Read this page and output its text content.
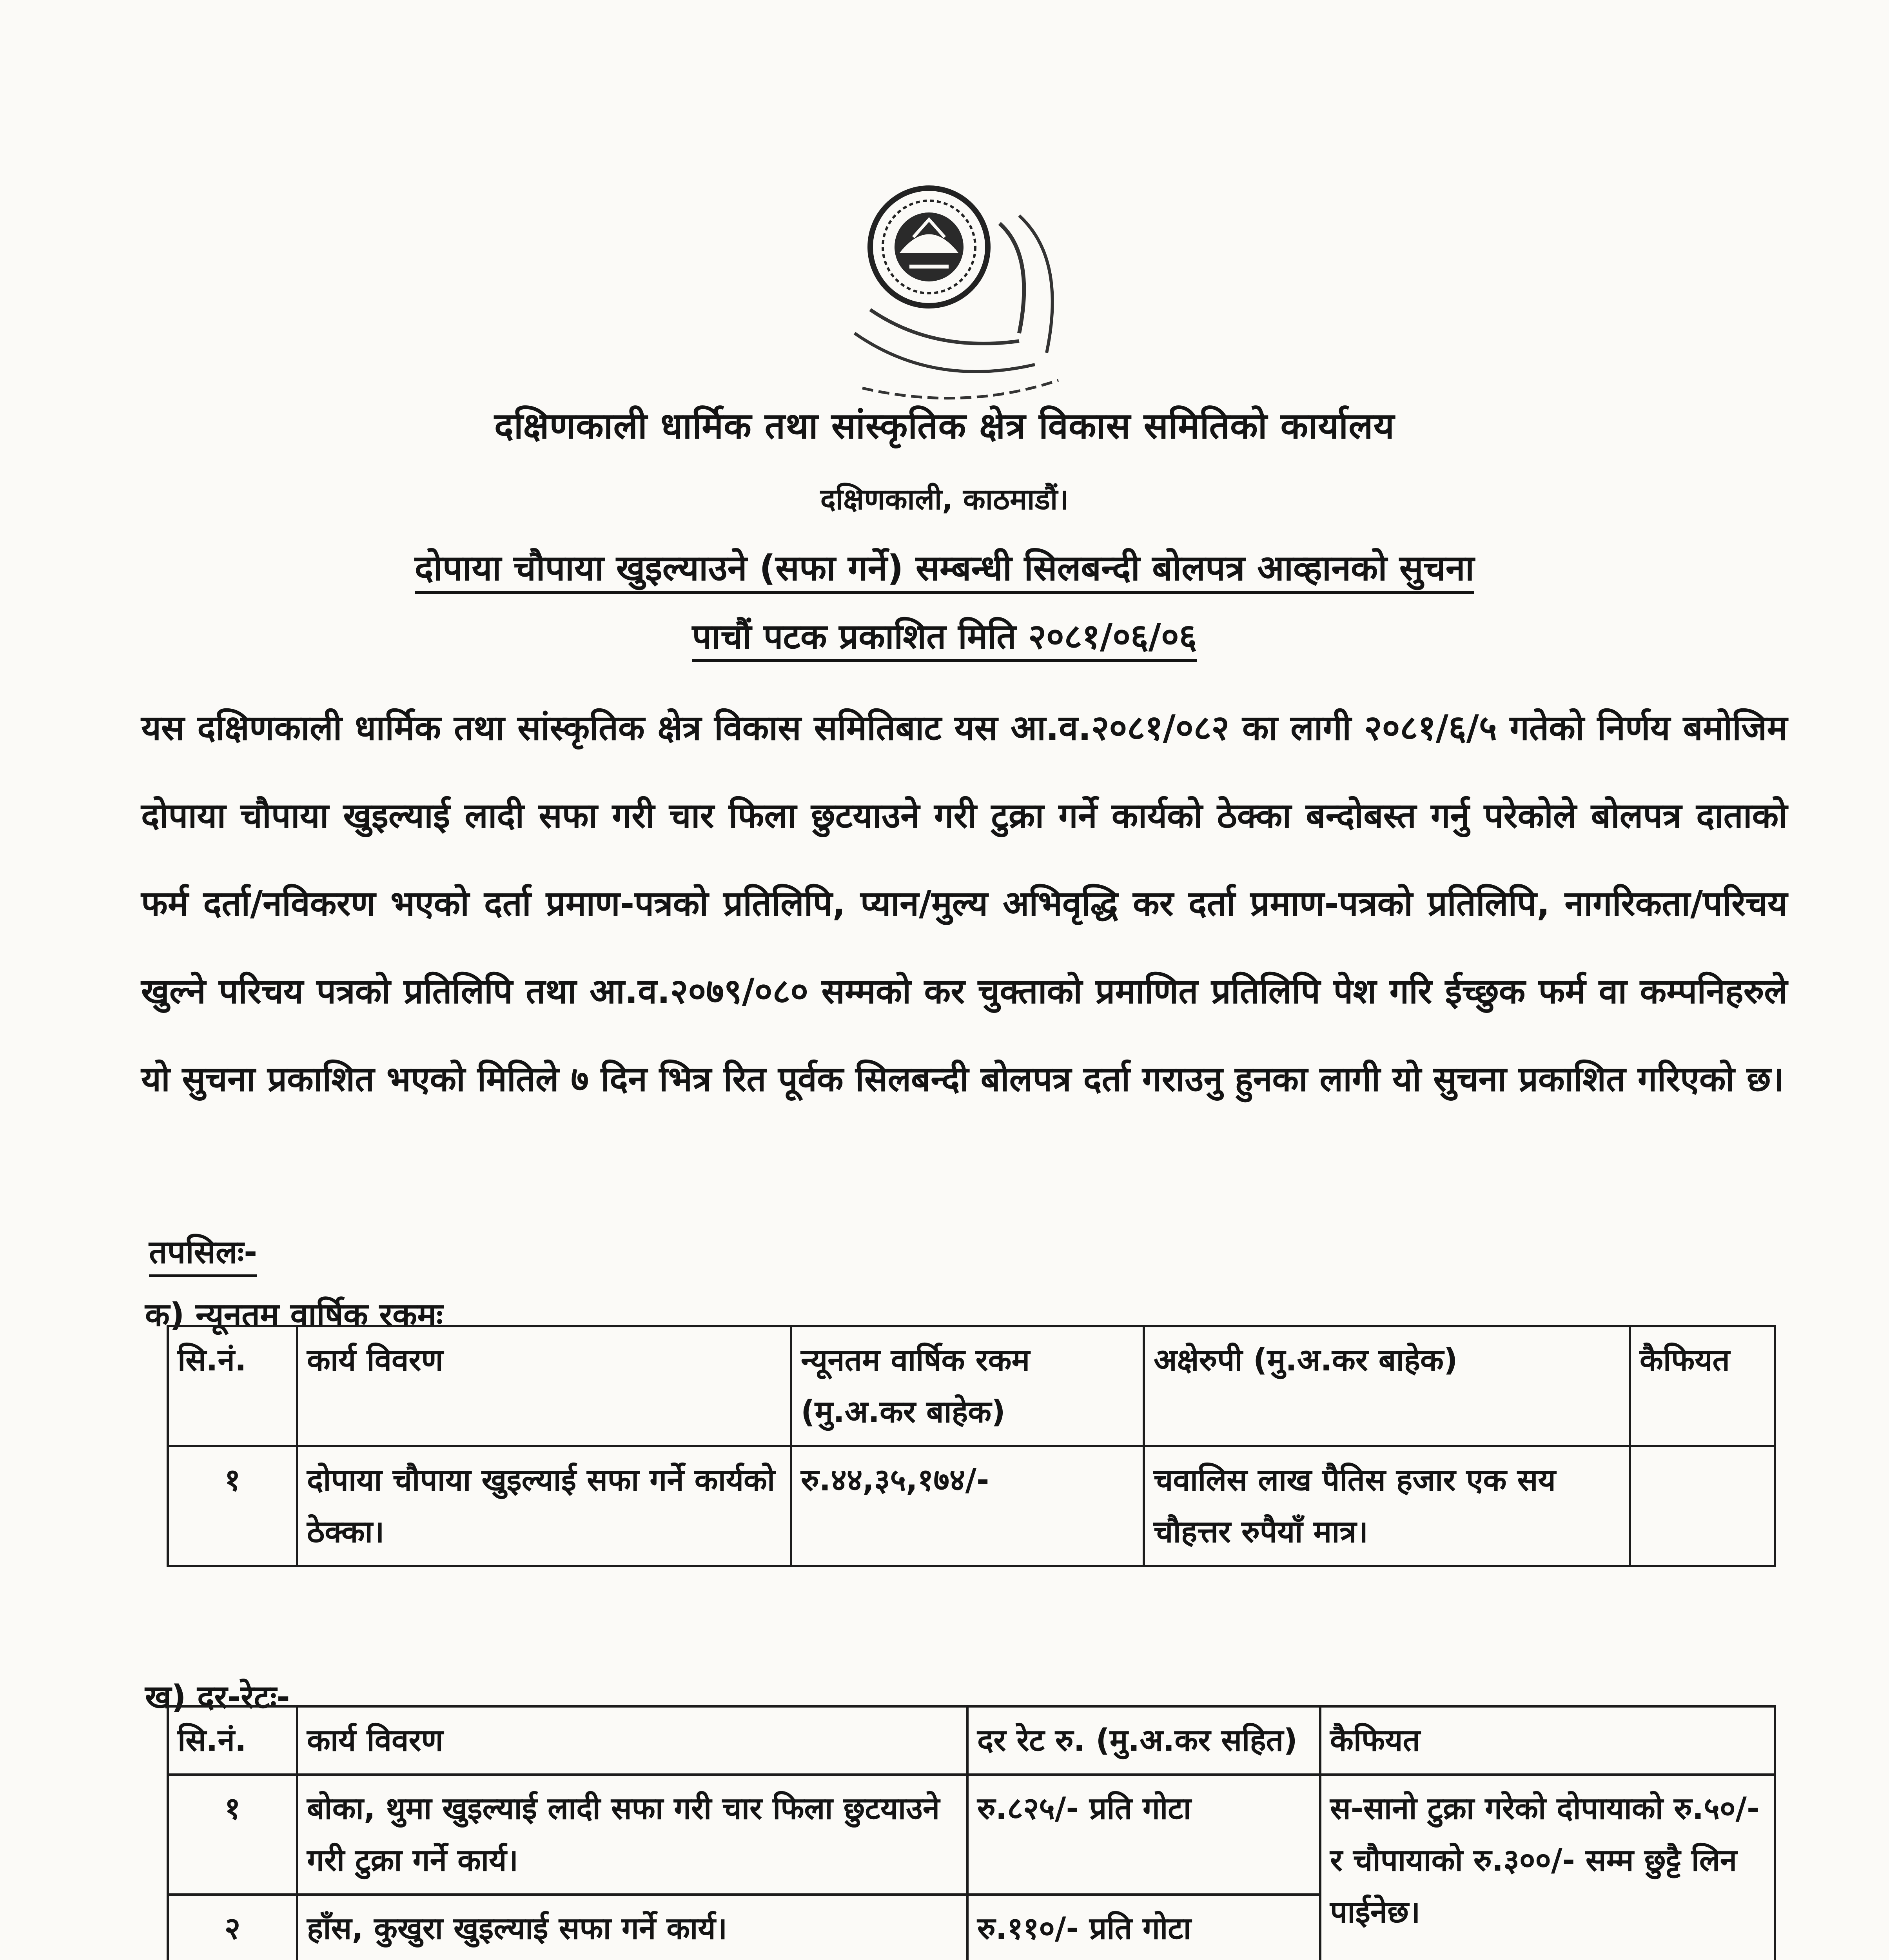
दक्षिणकाली धार्मिक तथा सांस्कृतिक क्षेत्र विकास समितिको कार्यालय
दक्षिणकाली, काठमाडौं।
दोपाया चौपाया खुइल्याउने (सफा गर्ने) सम्बन्धी सिलबन्दी बोलपत्र आव्हानको सुचना
पाचौं पटक प्रकाशित मिति २०८१/०६/०६
यस दक्षिणकाली धार्मिक तथा सांस्कृतिक क्षेत्र विकास समितिबाट यस आ.व.२०८१/०८२ का लागी २०८१/६/५ गतेको निर्णय बमोजिम दोपाया चौपाया खुइल्याई लादी सफा गरी चार फिला छुटयाउने गरी टुक्रा गर्ने कार्यको ठेक्का बन्दोबस्त गर्नु परेकोले बोलपत्र दाताको फर्म दर्ता/नविकरण भएको दर्ता प्रमाण-पत्रको प्रतिलिपि, प्यान/मुल्य अभिवृद्धि कर दर्ता प्रमाण-पत्रको प्रतिलिपि, नागरिकता/परिचय खुल्ने परिचय पत्रको प्रतिलिपि तथा आ.व.२०७९/०८० सम्मको कर चुक्ताको प्रमाणित प्रतिलिपि पेश गरि ईच्छुक फर्म वा कम्पनिहरुले यो सुचना प्रकाशित भएको मितिले ७ दिन भित्र रित पूर्वक सिलबन्दी बोलपत्र दर्ता गराउनु हुनका लागी यो सुचना प्रकाशित गरिएको छ।
तपसिलः-
क) न्यूनतम वार्षिक रकमः
सि.नं.	कार्य विवरण	न्यूनतम वार्षिक रकम (मु.अ.कर बाहेक)	अक्षेरुपी (मु.अ.कर बाहेक)	कैफियत
१	दोपाया चौपाया खुइल्याई सफा गर्ने कार्यको ठेक्का।	रु.४४,३५,१७४/-	चवालिस लाख पैतिस हजार एक सय चौहत्तर रुपैयाँ मात्र।	
ख) दर-रेटः-
सि.नं.	कार्य विवरण	दर रेट रु. (मु.अ.कर सहित)	कैफियत
१	बोका, थुमा खुइल्याई लादी सफा गरी चार फिला छुटयाउने गरी टुक्रा गर्ने कार्य।	रु.८२५/- प्रति गोटा	स-सानो टुक्रा गरेको दोपायाको रु.५०/- र चौपायाको रु.३००/- सम्म छुट्टै लिन पाईनेछ।
२	हाँस, कुखुरा खुइल्याई सफा गर्ने कार्य।	रु.११०/- प्रति गोटा	
